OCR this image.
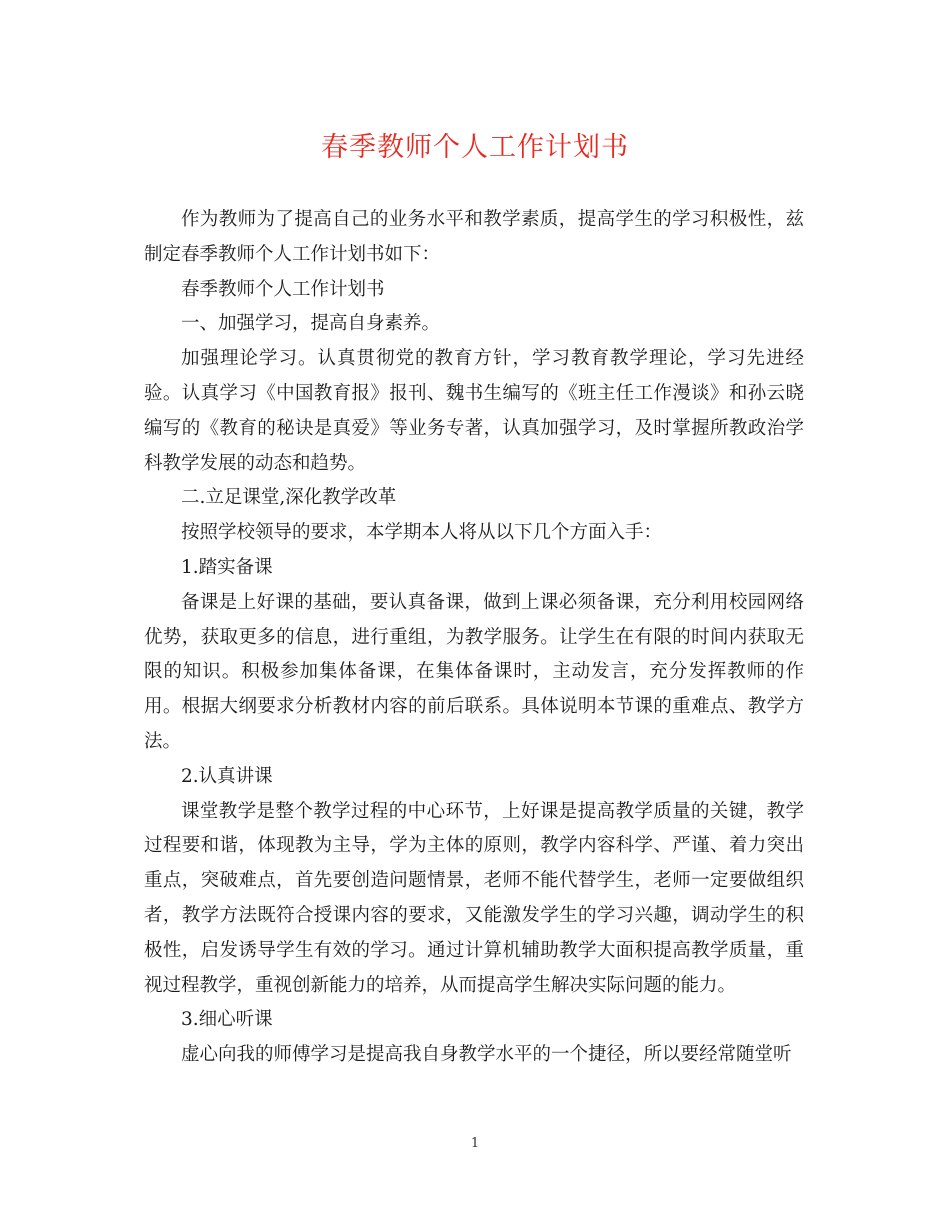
春季教师个人工作计划书

作为教师为了提高自己的业务水平和教学素质，提高学生的学习积极性，兹制定春季教师个人工作计划书如下：

春季教师个人工作计划书

一、加强学习，提高自身素养。

加强理论学习。认真贯彻党的教育方针，学习教育教学理论，学习先进经验。认真学习《中国教育报》报刊、魏书生编写的《班主任工作漫谈》和孙云晓编写的《教育的秘诀是真爱》等业务专著，认真加强学习，及时掌握所教政治学科教学发展的动态和趋势。

二.立足课堂,深化教学改革

按照学校领导的要求，本学期本人将从以下几个方面入手：

1.踏实备课

备课是上好课的基础，要认真备课，做到上课必须备课，充分利用校园网络优势，获取更多的信息，进行重组，为教学服务。让学生在有限的时间内获取无限的知识。积极参加集体备课，在集体备课时，主动发言，充分发挥教师的作用。根据大纲要求分析教材内容的前后联系。具体说明本节课的重难点、教学方法。

2.认真讲课

课堂教学是整个教学过程的中心环节，上好课是提高教学质量的关键，教学过程要和谐，体现教为主导，学为主体的原则，教学内容科学、严谨、着力突出重点，突破难点，首先要创造问题情景，老师不能代替学生，老师一定要做组织者，教学方法既符合授课内容的要求，又能激发学生的学习兴趣，调动学生的积极性，启发诱导学生有效的学习。通过计算机辅助教学大面积提高教学质量，重视过程教学，重视创新能力的培养，从而提高学生解决实际问题的能力。

3.细心听课

虚心向我的师傅学习是提高我自身教学水平的一个捷径，所以要经常随堂听

1
